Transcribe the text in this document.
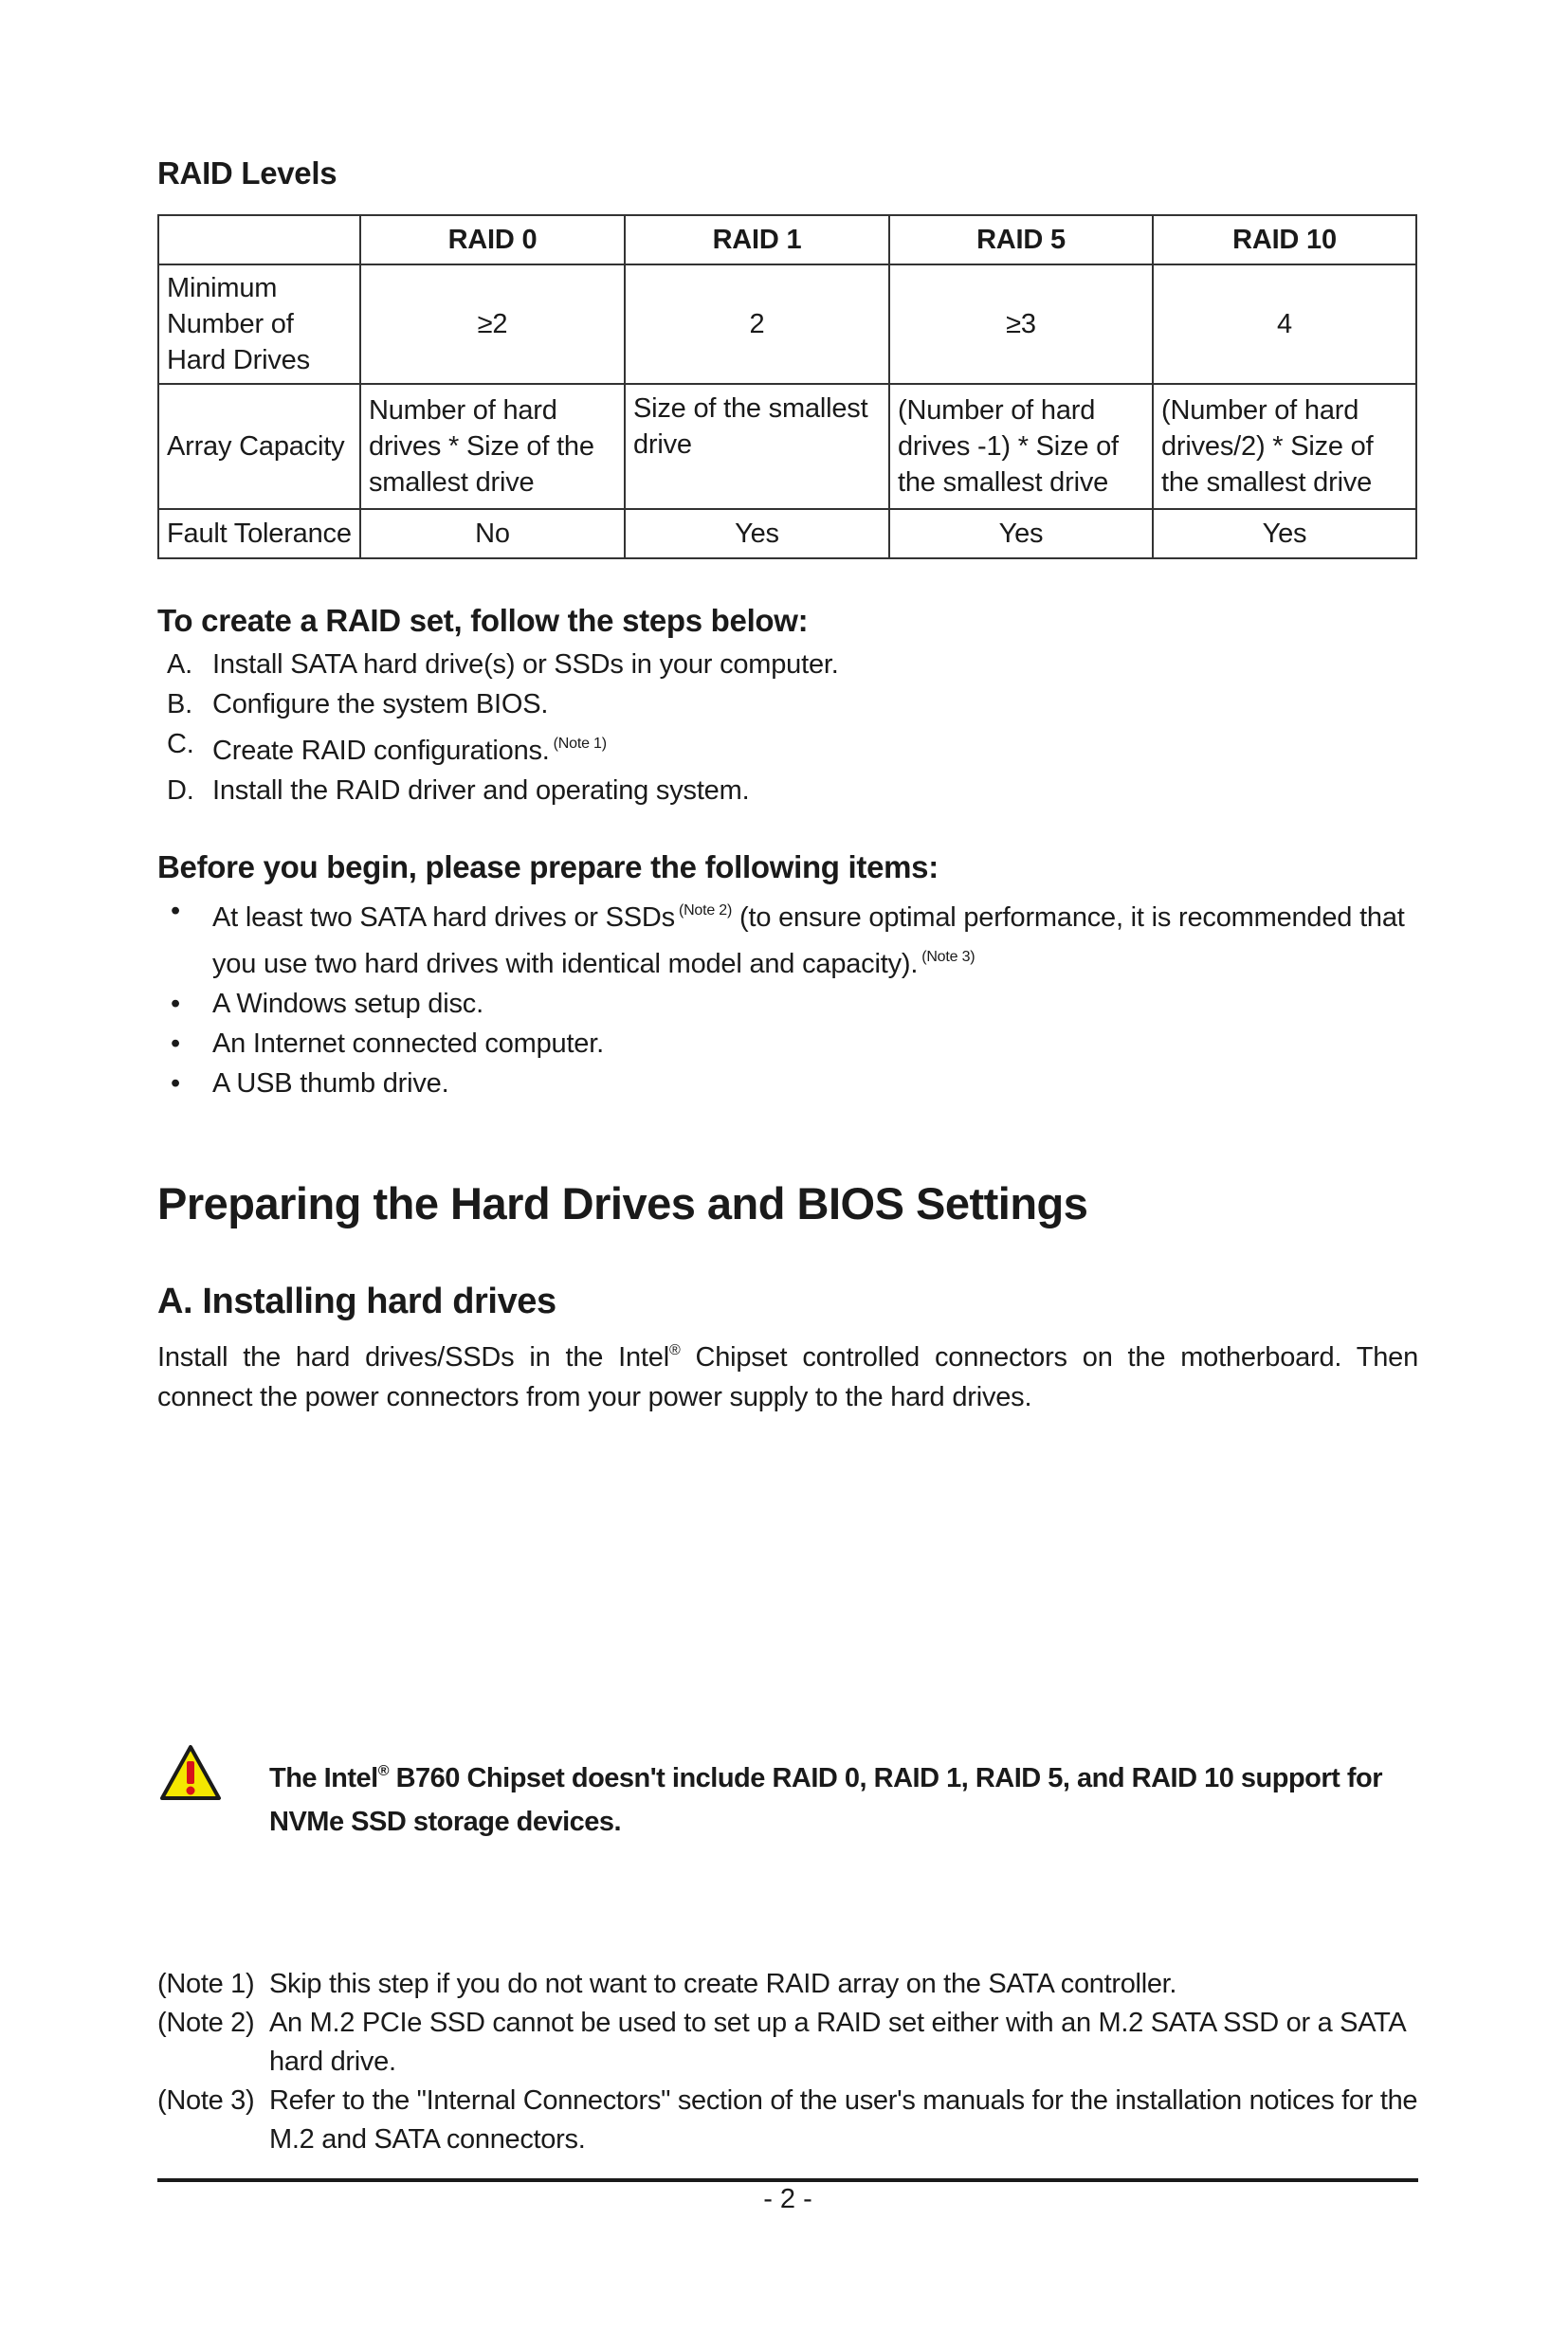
RAID Levels
	RAID 0	RAID 1	RAID 5	RAID 10
Minimum Number of Hard Drives	≥2	2	≥3	4
Array Capacity	Number of hard drives * Size of the smallest drive	Size of the smallest drive	(Number of hard drives -1) * Size of the smallest drive	(Number of hard drives/2) * Size of the smallest drive
Fault Tolerance	No	Yes	Yes	Yes
To create a RAID set, follow the steps below:
A. Install SATA hard drive(s) or SSDs in your computer.
B. Configure the system BIOS.
C. Create RAID configurations. $^{(Note 1)}$
D. Install the RAID driver and operating system.
Before you begin, please prepare the following items:
• At least two SATA hard drives or SSDs $^{(Note 2)}$ (to ensure optimal performance, it is recommended that you use two hard drives with identical model and capacity). $^{(Note 3)}$
• A Windows setup disc.
• An Internet connected computer.
• A USB thumb drive.
Preparing the Hard Drives and BIOS Settings
A. Installing hard drives
Install the hard drives/SSDs in the Intel® Chipset controlled connectors on the motherboard. Then connect the power connectors from your power supply to the hard drives.
The Intel® B760 Chipset doesn't include RAID 0, RAID 1, RAID 5, and RAID 10 support for NVMe SSD storage devices.
(Note 1) Skip this step if you do not want to create RAID array on the SATA controller.
(Note 2) An M.2 PCIe SSD cannot be used to set up a RAID set either with an M.2 SATA SSD or a SATA hard drive.
(Note 3) Refer to the "Internal Connectors" section of the user's manuals for the installation notices for the M.2 and SATA connectors.
- 2 -
